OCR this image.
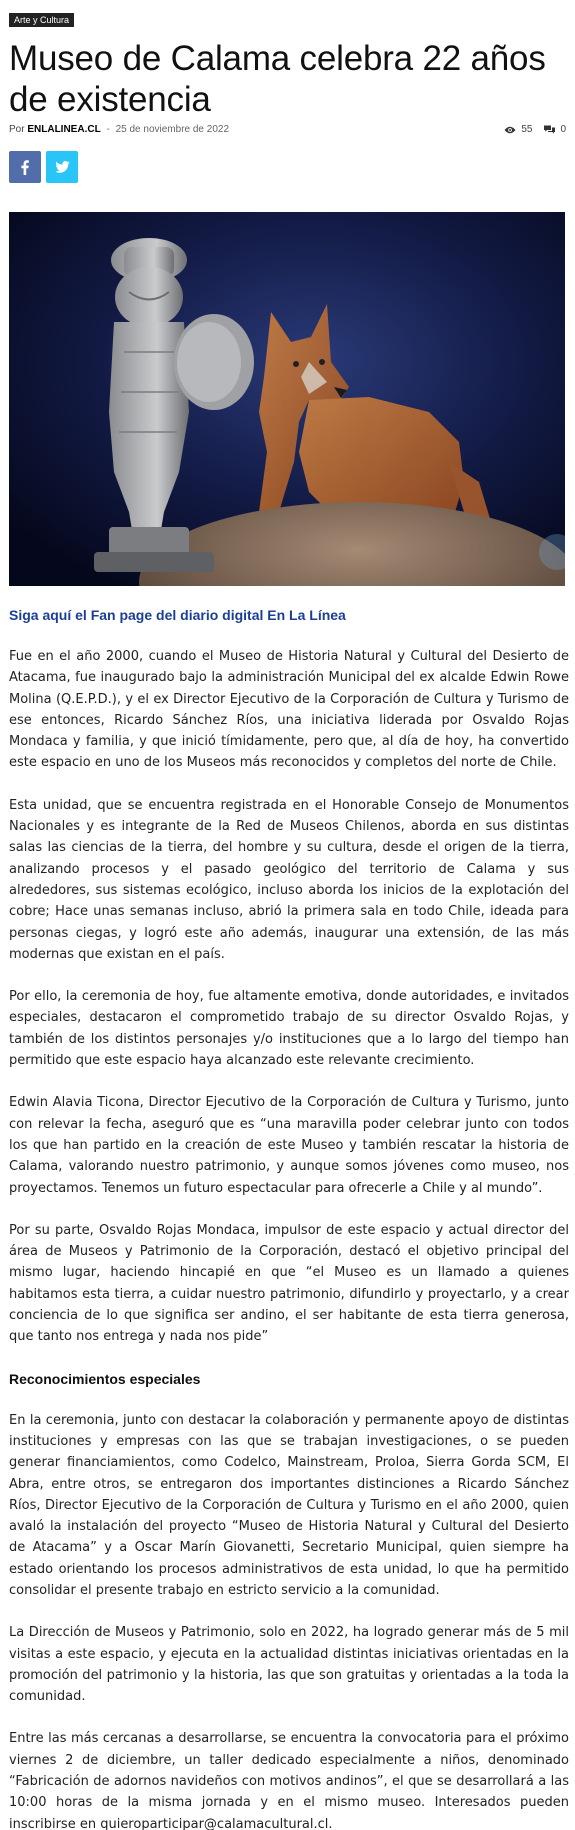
Arte y Cultura
Museo de Calama celebra 22 años de existencia
Por ENLALINEA.CL - 25 de noviembre de 2022	55	0
Siga aquí el Fan page del diario digital En La Línea

Fue en el año 2000, cuando el Museo de Historia Natural y Cultural del Desierto de Atacama, fue inaugurado bajo la administración Municipal del ex alcalde Edwin Rowe Molina (Q.E.P.D.), y el ex Director Ejecutivo de la Corporación de Cultura y Turismo de ese entonces, Ricardo Sánchez Ríos, una iniciativa liderada por Osvaldo Rojas Mondaca y familia, y que inició tímidamente, pero que, al día de hoy, ha convertido este espacio en uno de los Museos más reconocidos y completos del norte de Chile.

Esta unidad, que se encuentra registrada en el Honorable Consejo de Monumentos Nacionales y es integrante de la Red de Museos Chilenos, aborda en sus distintas salas las ciencias de la tierra, del hombre y su cultura, desde el origen de la tierra, analizando procesos y el pasado geológico del territorio de Calama y sus alrededores, sus sistemas ecológico, incluso aborda los inicios de la explotación del cobre; Hace unas semanas incluso, abrió la primera sala en todo Chile, ideada para personas ciegas, y logró este año además, inaugurar una extensión, de las más modernas que existan en el país.

Por ello, la ceremonia de hoy, fue altamente emotiva, donde autoridades, e invitados especiales, destacaron el comprometido trabajo de su director Osvaldo Rojas, y también de los distintos personajes y/o instituciones que a lo largo del tiempo han permitido que este espacio haya alcanzado este relevante crecimiento.

Edwin Alavia Ticona, Director Ejecutivo de la Corporación de Cultura y Turismo, junto con relevar la fecha, aseguró que es “una maravilla poder celebrar junto con todos los que han partido en la creación de este Museo y también rescatar la historia de Calama, valorando nuestro patrimonio, y aunque somos jóvenes como museo, nos proyectamos. Tenemos un futuro espectacular para ofrecerle a Chile y al mundo”.

Por su parte, Osvaldo Rojas Mondaca, impulsor de este espacio y actual director del área de Museos y Patrimonio de la Corporación, destacó el objetivo principal del mismo lugar, haciendo hincapié en que “el Museo es un llamado a quienes habitamos esta tierra, a cuidar nuestro patrimonio, difundirlo y proyectarlo, y a crear conciencia de lo que significa ser andino, el ser habitante de esta tierra generosa, que tanto nos entrega y nada nos pide”

Reconocimientos especiales

En la ceremonia, junto con destacar la colaboración y permanente apoyo de distintas instituciones y empresas con las que se trabajan investigaciones, o se pueden generar financiamientos, como Codelco, Mainstream, Proloa, Sierra Gorda SCM, El Abra, entre otros, se entregaron dos importantes distinciones a Ricardo Sánchez Ríos, Director Ejecutivo de la Corporación de Cultura y Turismo en el año 2000, quien avaló la instalación del proyecto “Museo de Historia Natural y Cultural del Desierto de Atacama” y a Oscar Marín Giovanetti, Secretario Municipal, quien siempre ha estado orientando los procesos administrativos de esta unidad, lo que ha permitido consolidar el presente trabajo en estricto servicio a la comunidad.

La Dirección de Museos y Patrimonio, solo en 2022, ha logrado generar más de 5 mil visitas a este espacio, y ejecuta en la actualidad distintas iniciativas orientadas en la promoción del patrimonio y la historia, las que son gratuitas y orientadas a la toda la comunidad.

Entre las más cercanas a desarrollarse, se encuentra la convocatoria para el próximo viernes 2 de diciembre, un taller dedicado especialmente a niños, denominado “Fabricación de adornos navideños con motivos andinos”, el que se desarrollará a las 10:00 horas de la misma jornada y en el mismo museo. Interesados pueden inscribirse en quieroparticipar@calamacultural.cl.
